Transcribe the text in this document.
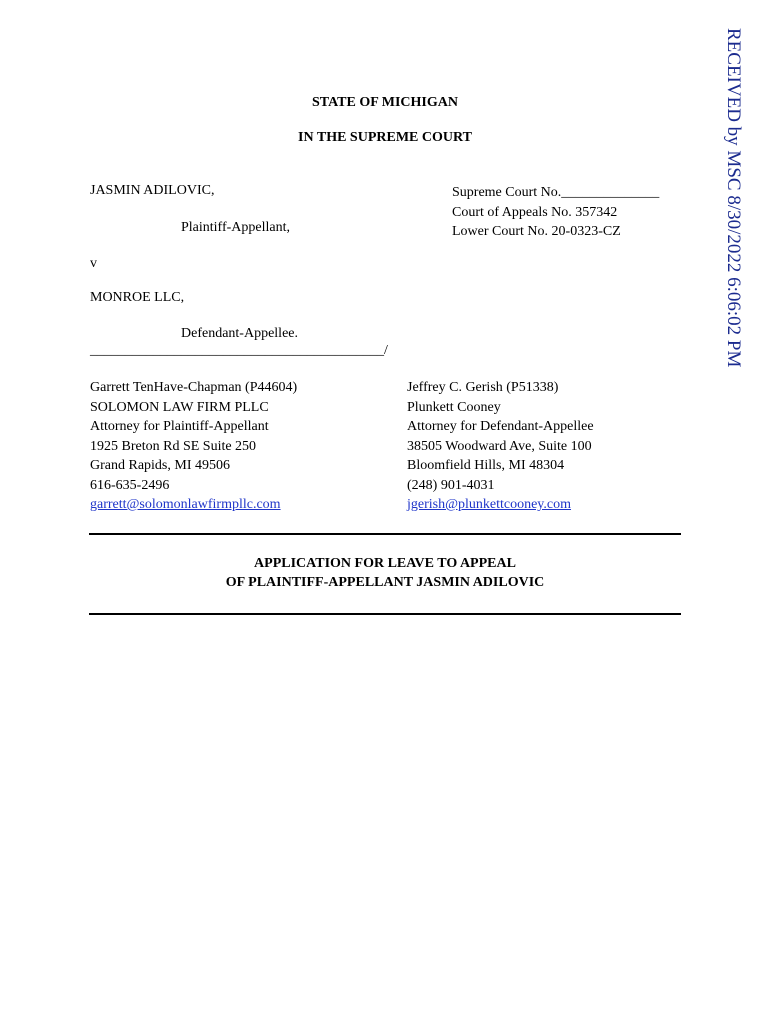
STATE OF MICHIGAN
IN THE SUPREME COURT
JASMIN ADILOVIC,
Plaintiff-Appellant,
v
MONROE LLC,
Defendant-Appellee.
__________________________________________/
Supreme Court No.______________
Court of Appeals No. 357342
Lower Court No. 20-0323-CZ
Garrett TenHave-Chapman (P44604)
SOLOMON LAW FIRM PLLC
Attorney for Plaintiff-Appellant
1925 Breton Rd SE Suite 250
Grand Rapids, MI 49506
616-635-2496
garrett@solomonlawfirmpllc.com
Jeffrey C. Gerish (P51338)
Plunkett Cooney
Attorney for Defendant-Appellee
38505 Woodward Ave, Suite 100
Bloomfield Hills, MI 48304
(248) 901-4031
jgerish@plunkettcooney.com
APPLICATION FOR LEAVE TO APPEAL
OF PLAINTIFF-APPELLANT JASMIN ADILOVIC
RECEIVED by MSC 8/30/2022 6:06:02 PM
